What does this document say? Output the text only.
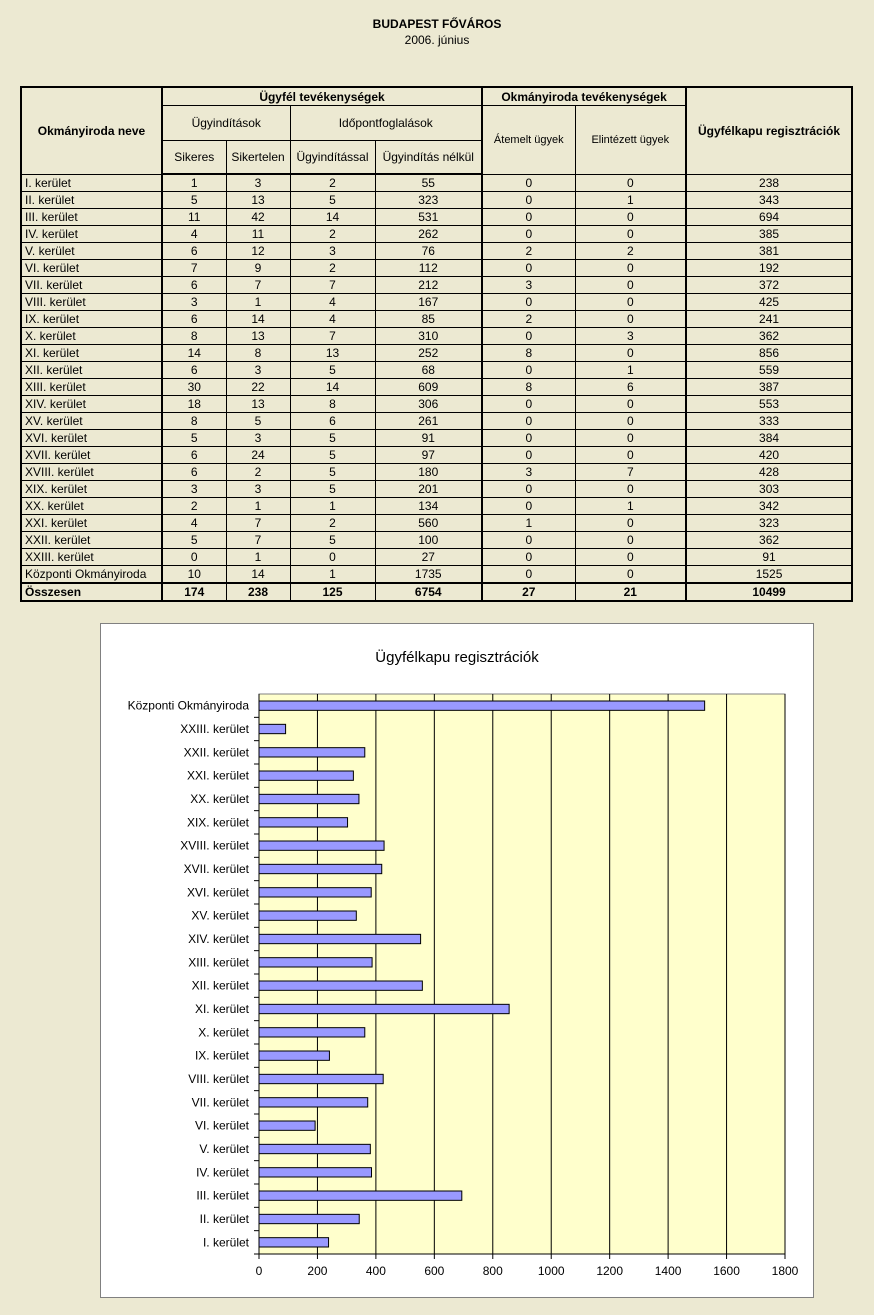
BUDAPEST FŐVÁROS
2006. június
Okmányiroda neve	Ügyfél tevékenységek				Okmányiroda tevékenységek		Ügyfélkapu regisztrációk
	Ügyindítások		Időpontfoglalások		Átemelt ügyek	Elintézett ügyek	
	Sikeres	Sikertelen	Ügyindítással	Ügyindítás nélkül			
I. kerület	1	3	2	55	0	0	238
II. kerület	5	13	5	323	0	1	343
III. kerület	11	42	14	531	0	0	694
IV. kerület	4	11	2	262	0	0	385
V. kerület	6	12	3	76	2	2	381
VI. kerület	7	9	2	112	0	0	192
VII. kerület	6	7	7	212	3	0	372
VIII. kerület	3	1	4	167	0	0	425
IX. kerület	6	14	4	85	2	0	241
X. kerület	8	13	7	310	0	3	362
XI. kerület	14	8	13	252	8	0	856
XII. kerület	6	3	5	68	0	1	559
XIII. kerület	30	22	14	609	8	6	387
XIV. kerület	18	13	8	306	0	0	553
XV. kerület	8	5	6	261	0	0	333
XVI. kerület	5	3	5	91	0	0	384
XVII. kerület	6	24	5	97	0	0	420
XVIII. kerület	6	2	5	180	3	7	428
XIX. kerület	3	3	5	201	0	0	303
XX. kerület	2	1	1	134	0	1	342
XXI. kerület	4	7	2	560	1	0	323
XXII. kerület	5	7	5	100	0	0	362
XXIII. kerület	0	1	0	27	0	0	91
Központi Okmányiroda	10	14	1	1735	0	0	1525
Összesen	174	238	125	6754	27	21	10499
Ügyfélkapu regisztrációk
0	200	400	600	800	1000	1200	1400	1600	1800
I. kerület
II. kerület
III. kerület
IV. kerület
V. kerület
VI. kerület
VII. kerület
VIII. kerület
IX. kerület
X. kerület
XI. kerület
XII. kerület
XIII. kerület
XIV. kerület
XV. kerület
XVI. kerület
XVII. kerület
XVIII. kerület
XIX. kerület
XX. kerület
XXI. kerület
XXII. kerület
XXIII. kerület
Központi Okmányiroda
